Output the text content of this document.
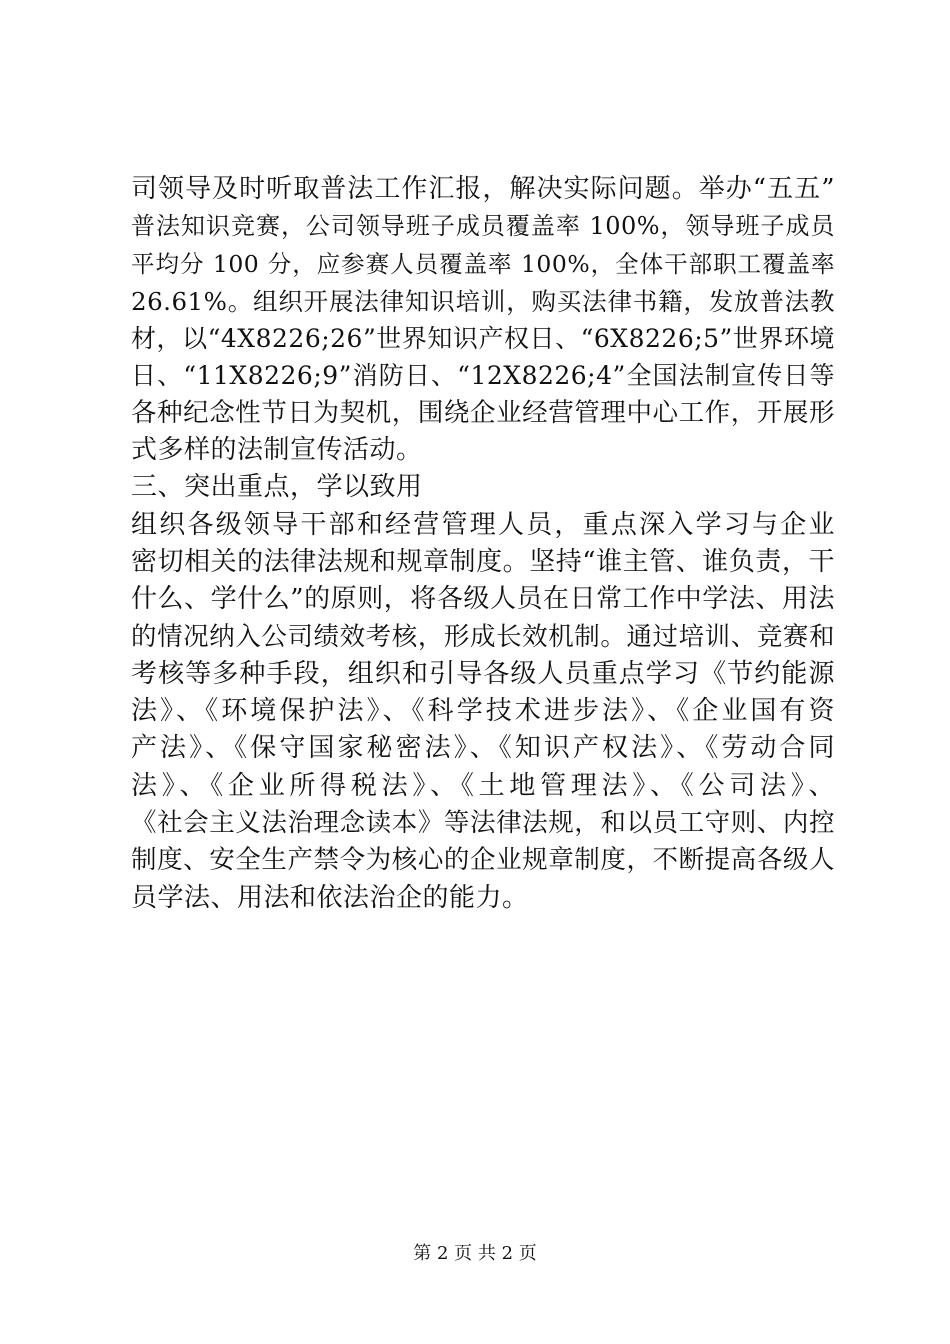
司领导及时听取普法工作汇报，解决实际问题。举办“五五”
普法知识竞赛，公司领导班子成员覆盖率 100%，领导班子成员
平均分 100 分，应参赛人员覆盖率 100%，全体干部职工覆盖率
26.61%。组织开展法律知识培训，购买法律书籍，发放普法教
材，以“4X8226;26”世界知识产权日、“6X8226;5”世界环境
日、“11X8226;9”消防日、“12X8226;4”全国法制宣传日等
各种纪念性节日为契机，围绕企业经营管理中心工作，开展形
式多样的法制宣传活动。
三、突出重点，学以致用
组织各级领导干部和经营管理人员，重点深入学习与企业
密切相关的法律法规和规章制度。坚持“谁主管、谁负责，干
什么、学什么”的原则，将各级人员在日常工作中学法、用法
的情况纳入公司绩效考核，形成长效机制。通过培训、竞赛和
考核等多种手段，组织和引导各级人员重点学习《节约能源
法》、《环境保护法》、《科学技术进步法》、《企业国有资
产法》、《保守国家秘密法》、《知识产权法》、《劳动合同
法》、《企业所得税法》、《土地管理法》、《公司法》、
《社会主义法治理念读本》等法律法规，和以员工守则、内控
制度、安全生产禁令为核心的企业规章制度，不断提高各级人
员学法、用法和依法治企的能力。
第 2 页 共 2 页
